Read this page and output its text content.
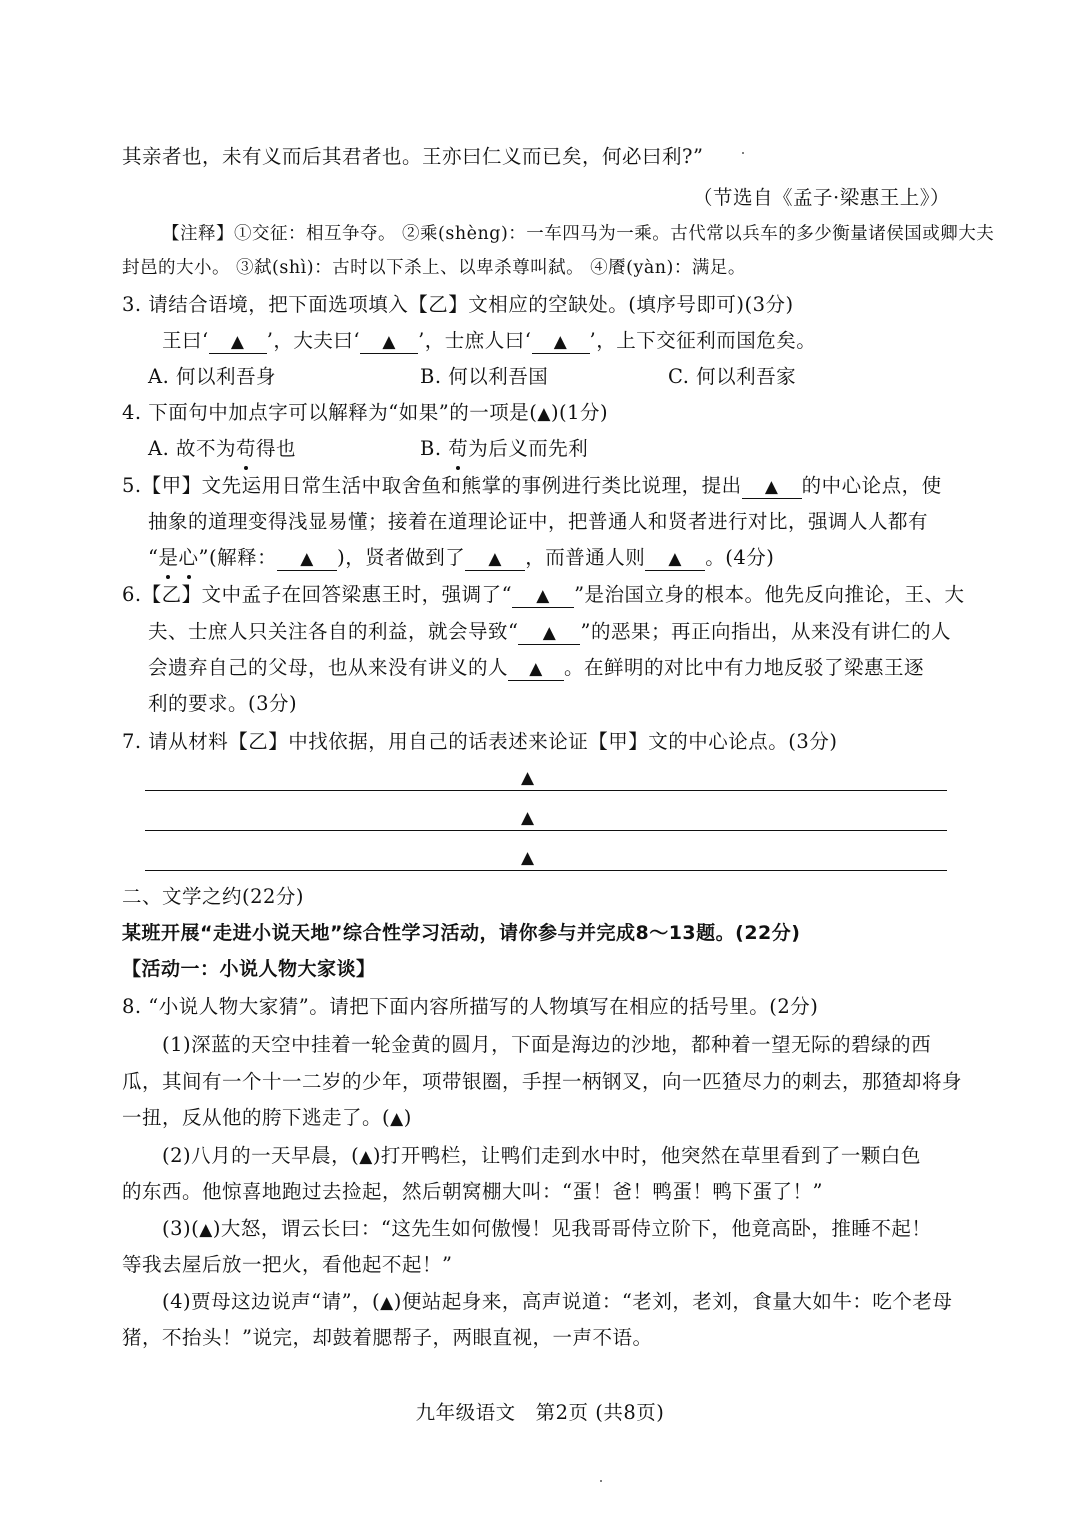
其亲者也，未有义而后其君者也。王亦曰仁义而已矣，何必曰利?”
（节选自《孟子·梁惠王上》）
【注释】①交征：相互争夺。 ②乘(shèng)：一车四马为一乘。古代常以兵车的多少衡量诸侯国或卿大夫
封邑的大小。 ③弑(shì)：古时以下杀上、以卑杀尊叫弑。 ④餍(yàn)：满足。
3. 请结合语境，把下面选项填入【乙】文相应的空缺处。(填序号即可)(3分)
王曰‘ ▲ ’，大夫曰‘ ▲ ’，士庶人曰‘ ▲ ’，上下交征利而国危矣。
A. 何以利吾身	B. 何以利吾国	C. 何以利吾家
4. 下面句中加点字可以解释为“如果”的一项是(▲)(1分)
A. 故不为苟得也	B. 苟为后义而先利
5.【甲】文先运用日常生活中取舍鱼和熊掌的事例进行类比说理，提出 ▲ 的中心论点，使
抽象的道理变得浅显易懂；接着在道理论证中，把普通人和贤者进行对比，强调人人都有
“是心”(解释： ▲ )，贤者做到了 ▲ ，而普通人则 ▲ 。(4分)
6.【乙】文中孟子在回答梁惠王时，强调了“ ▲ ”是治国立身的根本。他先反向推论，王、大
夫、士庶人只关注各自的利益，就会导致“ ▲ ”的恶果；再正向指出，从来没有讲仁的人
会遗弃自己的父母，也从来没有讲义的人 ▲ 。在鲜明的对比中有力地反驳了梁惠王逐
利的要求。(3分)
7. 请从材料【乙】中找依据，用自己的话表述来论证【甲】文的中心论点。(3分)
▲
▲
▲
二、文学之约(22分)
某班开展“走进小说天地”综合性学习活动，请你参与并完成8～13题。(22分)
【活动一：小说人物大家谈】
8. “小说人物大家猜”。请把下面内容所描写的人物填写在相应的括号里。(2分)
(1)深蓝的天空中挂着一轮金黄的圆月，下面是海边的沙地，都种着一望无际的碧绿的西
瓜，其间有一个十一二岁的少年，项带银圈，手捏一柄钢叉，向一匹猹尽力的刺去，那猹却将身
一扭，反从他的胯下逃走了。(▲)
(2)八月的一天早晨，(▲)打开鸭栏，让鸭们走到水中时，他突然在草里看到了一颗白色
的东西。他惊喜地跑过去捡起，然后朝窝棚大叫：“蛋！爸！鸭蛋！鸭下蛋了！”
(3)(▲)大怒，谓云长曰：“这先生如何傲慢！见我哥哥侍立阶下，他竟高卧，推睡不起！
等我去屋后放一把火，看他起不起！”
(4)贾母这边说声“请”，(▲)便站起身来，高声说道：“老刘，老刘，食量大如牛：吃个老母
猪，不抬头！”说完，却鼓着腮帮子，两眼直视，一声不语。
九年级语文　第2页 (共8页)
